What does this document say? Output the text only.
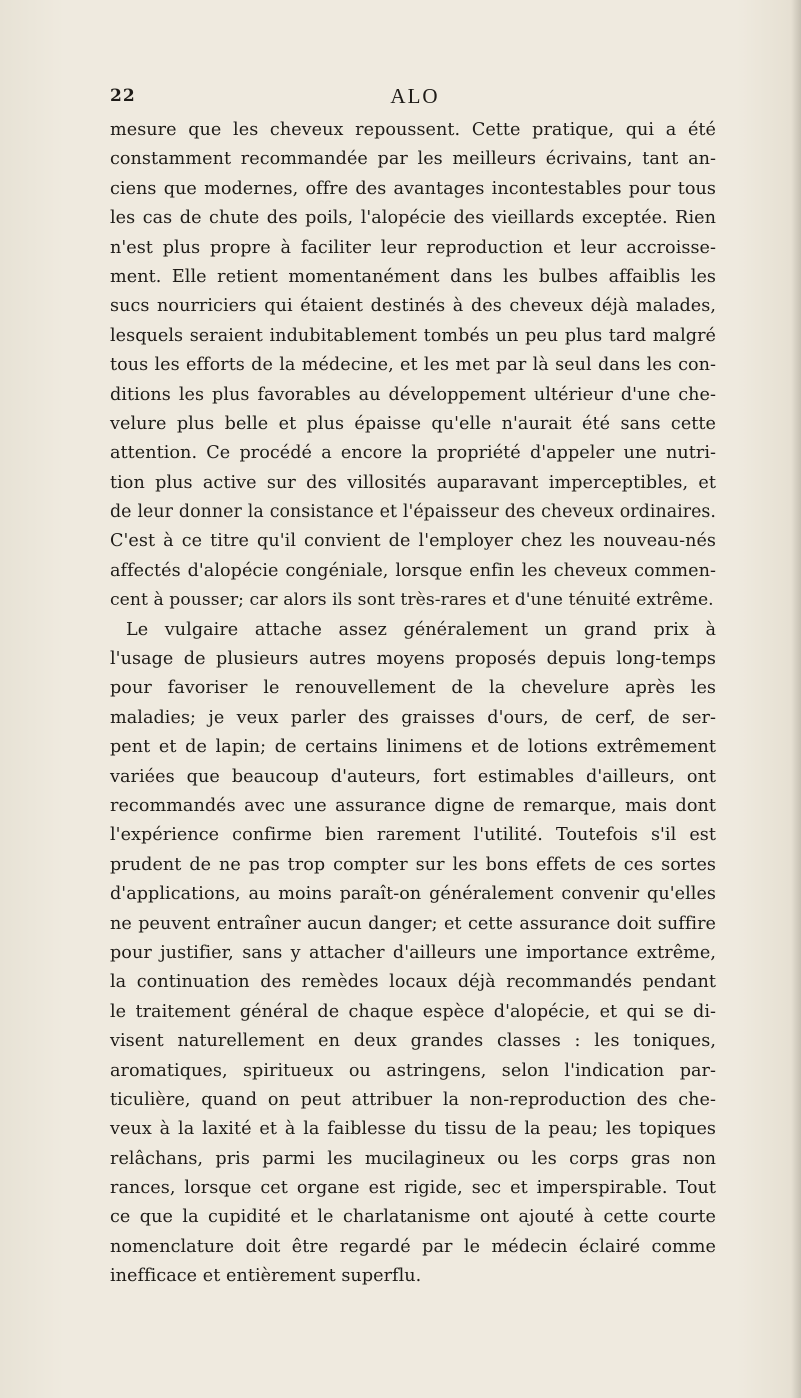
22	ALO
mesure que les cheveux repoussent. Cette pratique, qui a été
constamment recommandée par les meilleurs écrivains, tant an-
ciens que modernes, offre des avantages incontestables pour tous
les cas de chute des poils, l'alopécie des vieillards exceptée. Rien
n'est plus propre à faciliter leur reproduction et leur accroisse-
ment. Elle retient momentanément dans les bulbes affaiblis les
sucs nourriciers qui étaient destinés à des cheveux déjà malades,
lesquels seraient indubitablement tombés un peu plus tard malgré
tous les efforts de la médecine, et les met par là seul dans les con-
ditions les plus favorables au développement ultérieur d'une che-
velure plus belle et plus épaisse qu'elle n'aurait été sans cette
attention. Ce procédé a encore la propriété d'appeler une nutri-
tion plus active sur des villosités auparavant imperceptibles, et
de leur donner la consistance et l'épaisseur des cheveux ordinaires.
C'est à ce titre qu'il convient de l'employer chez les nouveau-nés
affectés d'alopécie congéniale, lorsque enfin les cheveux commen-
cent à pousser; car alors ils sont très-rares et d'une ténuité extrême.
Le vulgaire attache assez généralement un grand prix à
l'usage de plusieurs autres moyens proposés depuis long-temps
pour favoriser le renouvellement de la chevelure après les
maladies; je veux parler des graisses d'ours, de cerf, de ser-
pent et de lapin; de certains linimens et de lotions extrêmement
variées que beaucoup d'auteurs, fort estimables d'ailleurs, ont
recommandés avec une assurance digne de remarque, mais dont
l'expérience confirme bien rarement l'utilité. Toutefois s'il est
prudent de ne pas trop compter sur les bons effets de ces sortes
d'applications, au moins paraît-on généralement convenir qu'elles
ne peuvent entraîner aucun danger; et cette assurance doit suffire
pour justifier, sans y attacher d'ailleurs une importance extrême,
la continuation des remèdes locaux déjà recommandés pendant
le traitement général de chaque espèce d'alopécie, et qui se di-
visent naturellement en deux grandes classes : les toniques,
aromatiques, spiritueux ou astringens, selon l'indication par-
ticulière, quand on peut attribuer la non-reproduction des che-
veux à la laxité et à la faiblesse du tissu de la peau; les topiques
relâchans, pris parmi les mucilagineux ou les corps gras non
rances, lorsque cet organe est rigide, sec et imperspirable. Tout
ce que la cupidité et le charlatanisme ont ajouté à cette courte
nomenclature doit être regardé par le médecin éclairé comme
inefficace et entièrement superflu.
